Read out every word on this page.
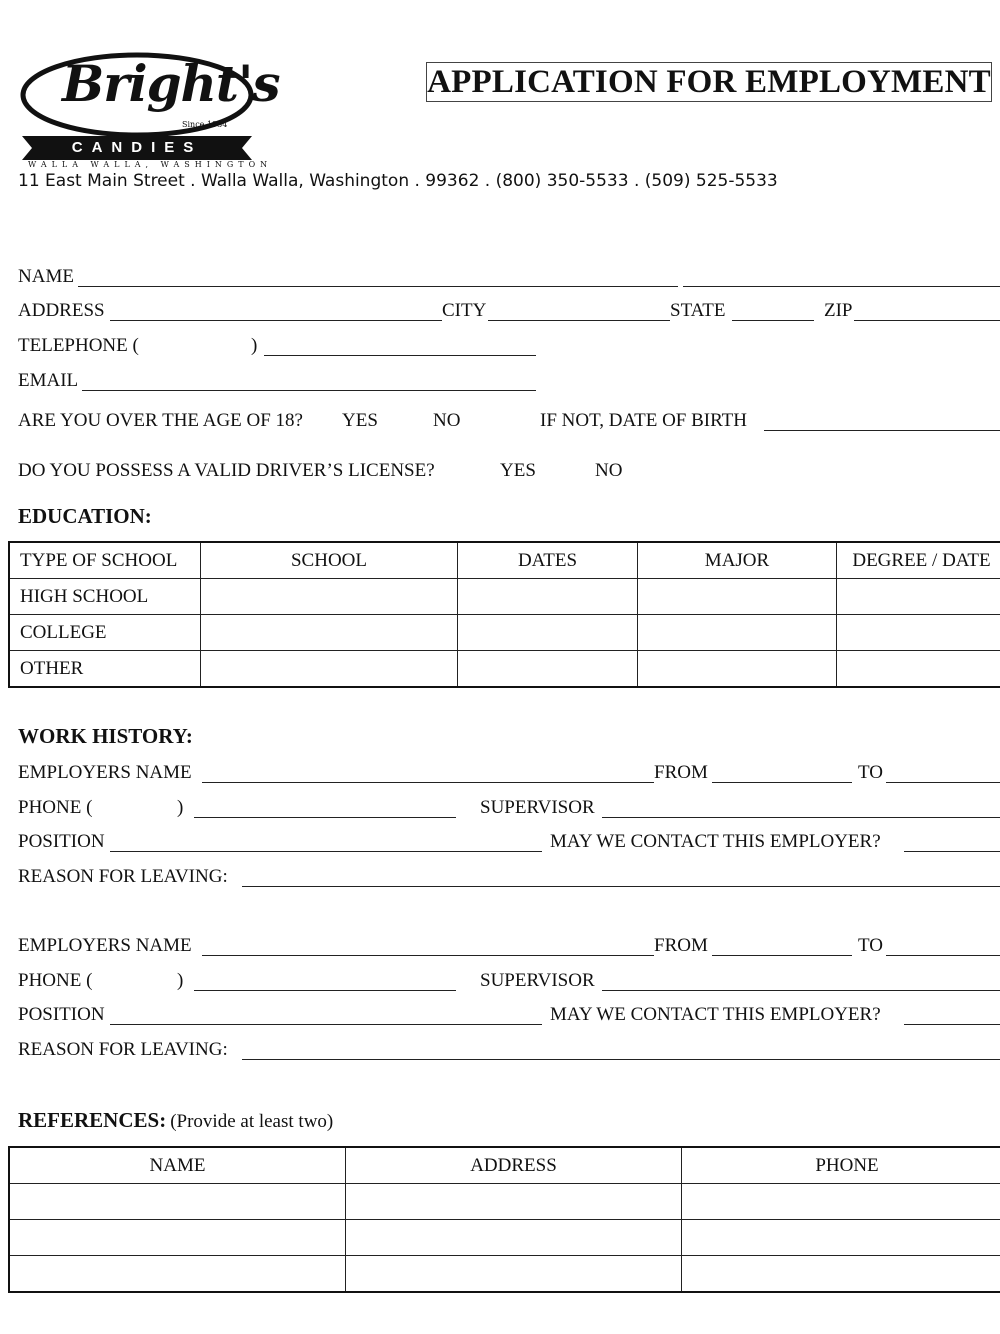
Bright's
Since 1934
CANDIES
WALLA WALLA, WASHINGTON
11 East Main Street . Walla Walla, Washington . 99362 . (800) 350-5533 . (509) 525-5533
APPLICATION FOR EMPLOYMENT
NAME
ADDRESS	CITY	STATE	ZIP
TELEPHONE (	)
EMAIL
ARE YOU OVER THE AGE OF 18? YES	NO	IF NOT, DATE OF BIRTH
DO YOU POSSESS A VALID DRIVER’S LICENSE?	YES	NO
EDUCATION:
TYPE OF SCHOOL	SCHOOL	DATES	MAJOR	DEGREE / DATE
HIGH SCHOOL				
COLLEGE				
OTHER				
WORK HISTORY:
EMPLOYERS NAME	FROM	TO
PHONE (	)	SUPERVISOR
POSITION	MAY WE CONTACT THIS EMPLOYER?
REASON FOR LEAVING:
EMPLOYERS NAME	FROM	TO
PHONE (	)	SUPERVISOR
POSITION	MAY WE CONTACT THIS EMPLOYER?
REASON FOR LEAVING:
REFERENCES: (Provide at least two)
NAME	ADDRESS	PHONE
